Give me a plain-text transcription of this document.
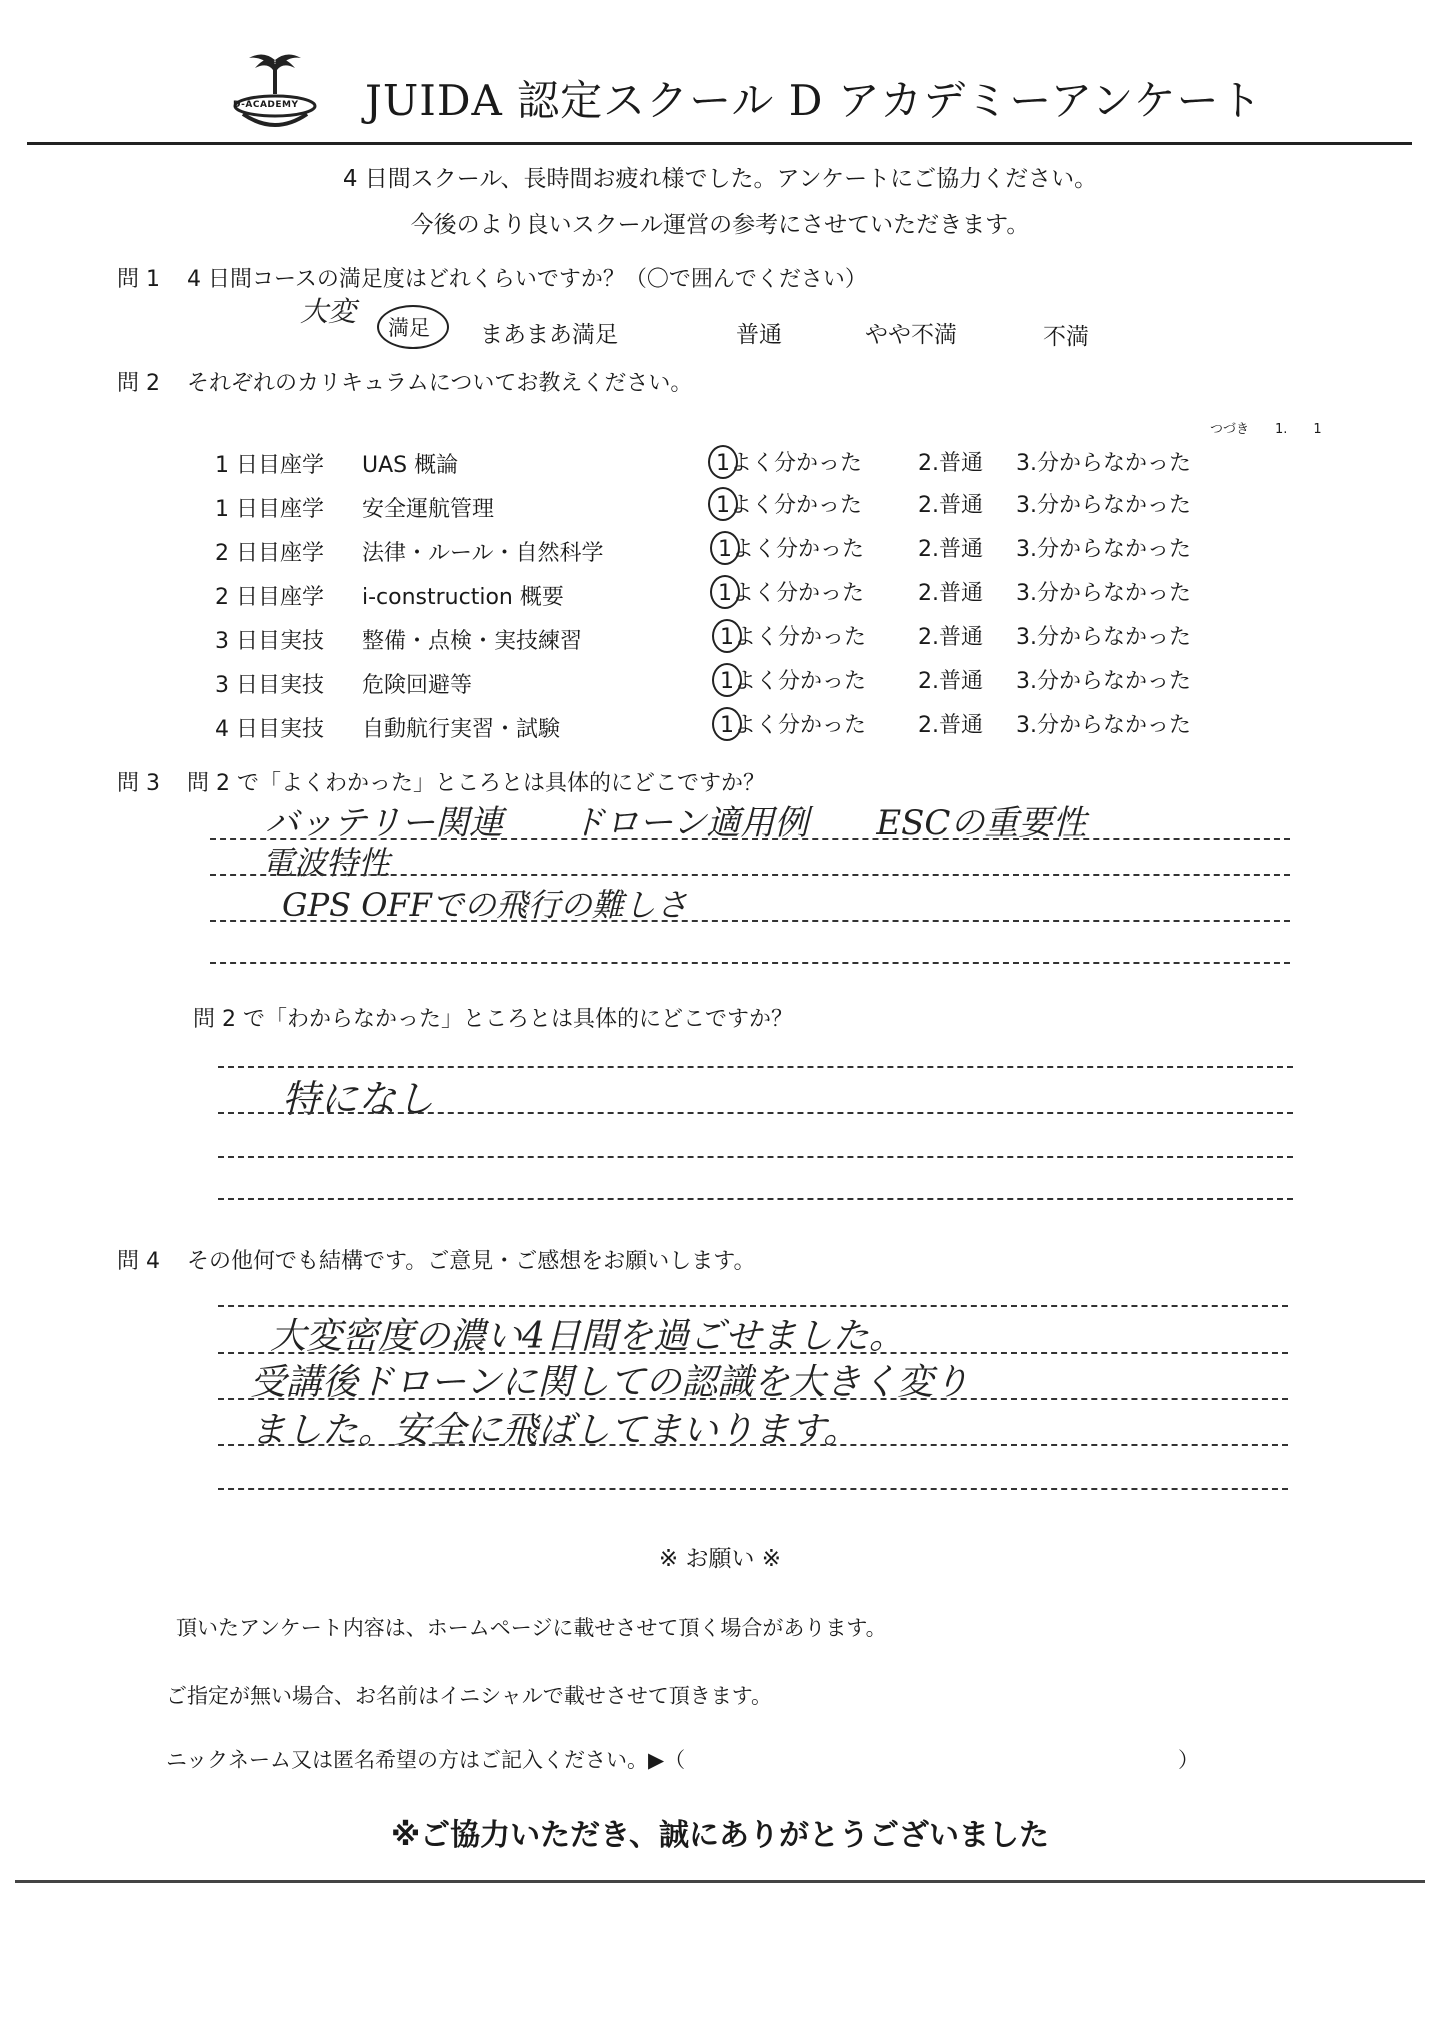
D-ACADEMY JUIDA 認定スクール D アカデミーアンケート
4 日間スクール、長時間お疲れ様でした。アンケートにご協力ください。
今後のより良いスクール運営の参考にさせていただきます。
問 1 4 日間コースの満足度はどれくらいですか？（〇で囲んでください）
大変 満足 まあまあ満足	普通	やや不満	不満
問 2 それぞれのカリキュラムについてお教えください。
つづき　　1.　　1
1 日目座学 UAS 概論	1よく分かった	2.普通 3.分からなかった
1 日目座学 安全運航管理	1よく分かった	2.普通 3.分からなかった
2 日目座学 法律・ルール・自然科学	1よく分かった 2.普通 3.分からなかった
2 日目座学 i-construction 概要	1よく分かった 2.普通 3.分からなかった
3 日目実技 整備・点検・実技練習	1よく分かった 2.普通 3.分からなかった
3 日目実技 危険回避等	1よく分かった 2.普通 3.分からなかった
4 日目実技 自動航行実習・試験	1よく分かった 2.普通 3.分からなかった
問 3 問 2 で「よくわかった」ところとは具体的にどこですか？
バッテリー関連　　ドローン適用例　　ESCの重要性
電波特性
GPS OFFでの飛行の難しさ
問 2 で「わからなかった」ところとは具体的にどこですか？
特になし
問 4 その他何でも結構です。ご意見・ご感想をお願いします。
大変密度の濃い4日間を過ごせました。
受講後ドローンに関しての認識を大きく変り
ました。安全に飛ばしてまいります。
※ お願い ※
頂いたアンケート内容は、ホームページに載せさせて頂く場合があります。
ご指定が無い場合、お名前はイニシャルで載せさせて頂きます。
ニックネーム又は匿名希望の方はご記入ください。▶（	）
※ご協力いただき、誠にありがとうございました
